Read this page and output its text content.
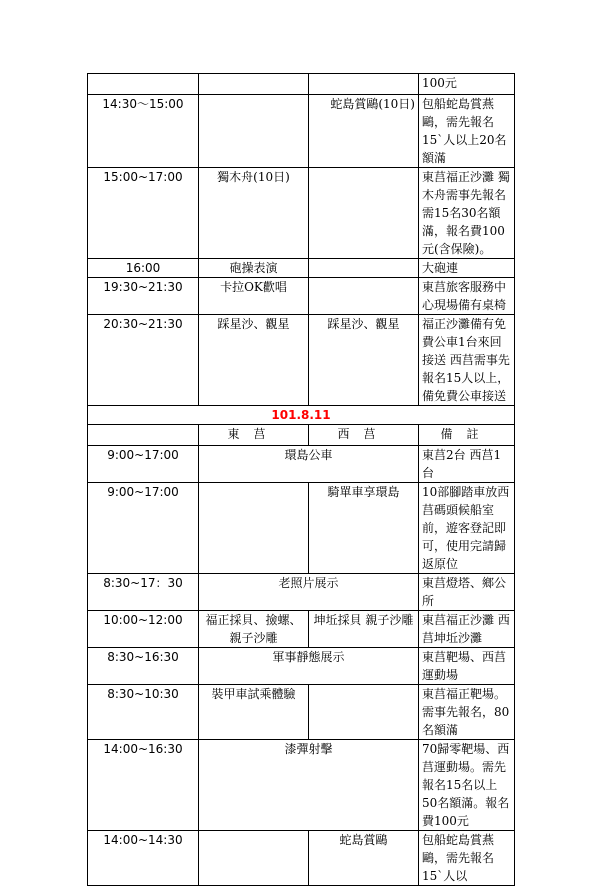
			100元
14:30～15:00		蛇島賞鷗(10日)	包船蛇島賞燕鷗，需先報名15`人以上20名額滿
15:00~17:00	獨木舟(10日)		東莒福正沙灘 獨木舟需事先報名需15名30名額滿，報名費100元(含保險)。
16:00	砲操表演		大砲連
19:30~21:30	卡拉OK歡唱		東莒旅客服務中心現場備有桌椅
20:30~21:30	踩星沙、觀星	踩星沙、觀星	福正沙灘備有免費公車1台來回接送 西莒需事先報名15人以上，備免費公車接送
101.8.11			
	東莒	西莒	備註
9:00~17:00	環島公車		東莒2台 西莒1台
9:00~17:00		騎單車享環島	10部腳踏車放西莒碼頭候船室前，遊客登記即可，使用完請歸返原位
8:30~17：30	老照片展示		東莒燈塔、鄉公所
10:00~12:00	福正採貝、撿螺、親子沙雕	坤坵採貝 親子沙雕	東莒福正沙灘 西莒坤坵沙灘
8:30~16:30	軍事靜態展示		東莒靶場、西莒運動場
8:30~10:30	裝甲車試乘體驗		東莒福正靶場。需事先報名，80名額滿
14:00~16:30	漆彈射擊		70歸零靶場、西莒運動場。需先報名15名以上50名額滿。報名費100元
14:00~14:30		蛇島賞鷗	包船蛇島賞燕鷗，需先報名15`人以
